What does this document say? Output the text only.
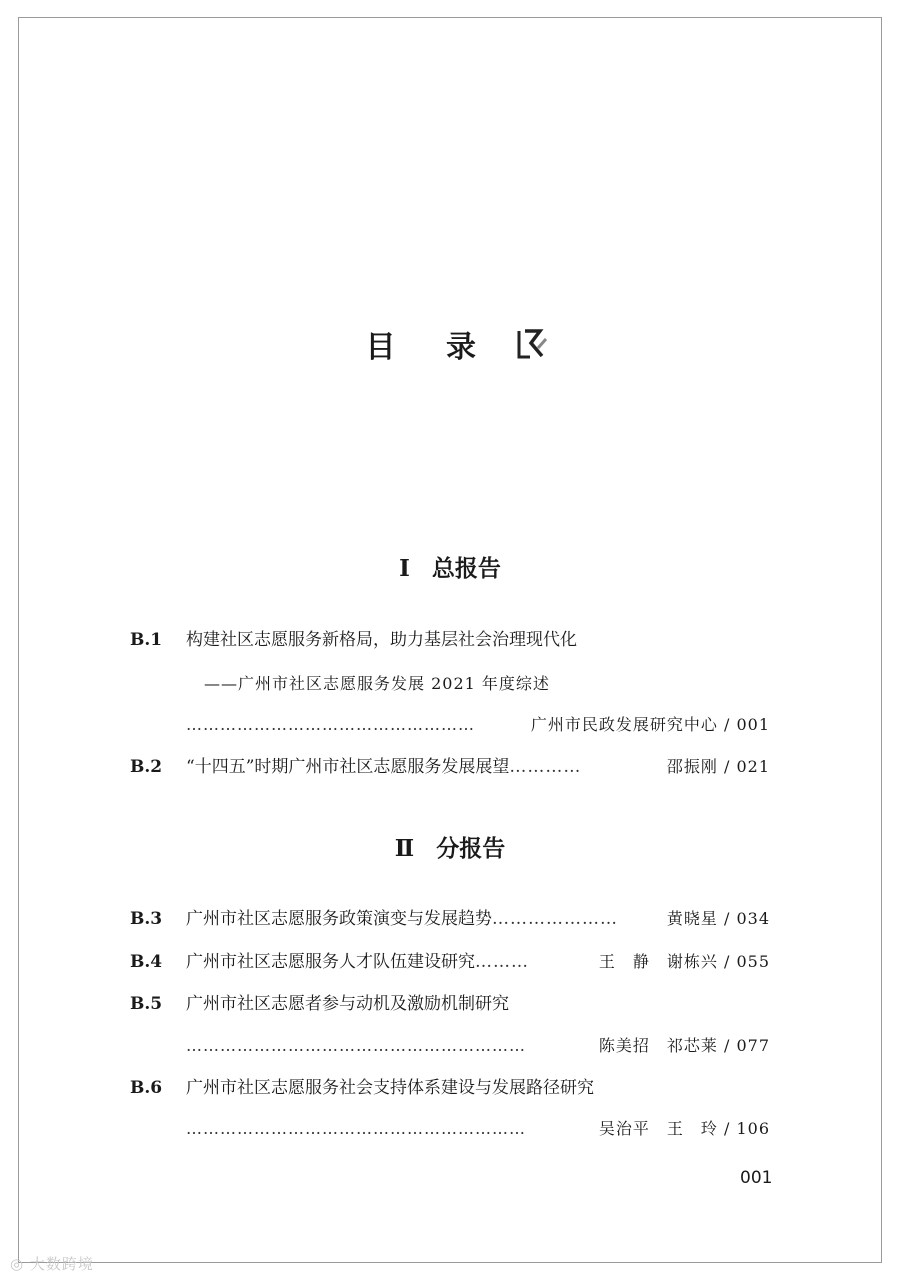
目 录
Ⅰ 总报告
B.1 构建社区志愿服务新格局，助力基层社会治理现代化
——广州市社区志愿服务发展 2021 年度综述
……………………………………………	广州市民政发展研究中心 / 001
B.2 “十四五”时期广州市社区志愿服务发展展望…………	邵振刚 / 021
Ⅱ 分报告
B.3 广州市社区志愿服务政策演变与发展趋势…………………	黄晓星 / 034
B.4 广州市社区志愿服务人才队伍建设研究………	王　静　谢栋兴 / 055
B.5 广州市社区志愿者参与动机及激励机制研究
……………………………………………………	陈美招　祁芯莱 / 077
B.6 广州市社区志愿服务社会支持体系建设与发展路径研究
……………………………………………………	吴治平　王　玲 / 106
001
◎ 大数跨境
